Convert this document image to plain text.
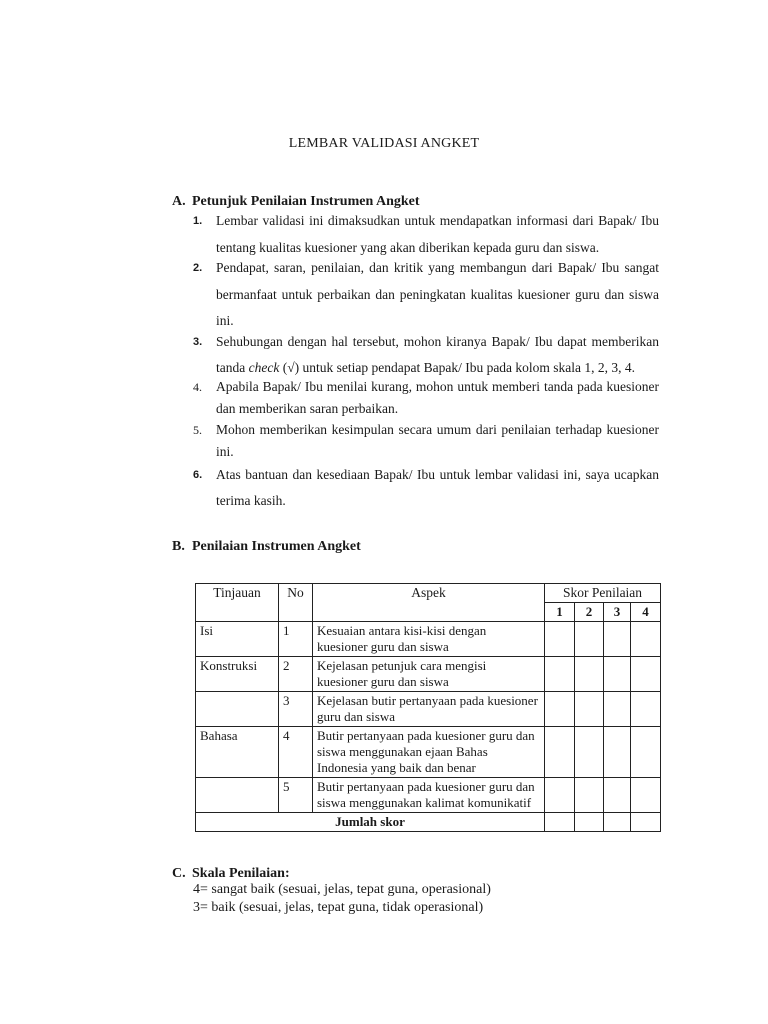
LEMBAR VALIDASI ANGKET
A. Petunjuk Penilaian Instrumen Angket
1. Lembar validasi ini dimaksudkan untuk mendapatkan informasi dari Bapak/ Ibu tentang kualitas kuesioner yang akan diberikan kepada guru dan siswa.
2. Pendapat, saran, penilaian, dan kritik yang membangun dari Bapak/ Ibu sangat bermanfaat untuk perbaikan dan peningkatan kualitas kuesioner guru dan siswa ini.
3. Sehubungan dengan hal tersebut, mohon kiranya Bapak/ Ibu dapat memberikan tanda check (√) untuk setiap pendapat Bapak/ Ibu pada kolom skala 1, 2, 3, 4.
4. Apabila Bapak/ Ibu menilai kurang, mohon untuk memberi tanda pada kuesioner dan memberikan saran perbaikan.
5. Mohon memberikan kesimpulan secara umum dari penilaian terhadap kuesioner ini.
6. Atas bantuan dan kesediaan Bapak/ Ibu untuk lembar validasi ini, saya ucapkan terima kasih.
B. Penilaian Instrumen Angket
Tinjauan	No	Aspek	Skor Penilaian			
			1	2	3	4
Isi	1	Kesuaian antara kisi-kisi dengan kuesioner guru dan siswa				
Konstruksi	2	Kejelasan petunjuk cara mengisi kuesioner guru dan siswa				
	3	Kejelasan butir pertanyaan pada kuesioner guru dan siswa				
Bahasa	4	Butir pertanyaan pada kuesioner guru dan siswa menggunakan ejaan Bahas Indonesia yang baik dan benar				
	5	Butir pertanyaan pada kuesioner guru dan siswa menggunakan kalimat komunikatif				
Jumlah skor						
C. Skala Penilaian:
4= sangat baik (sesuai, jelas, tepat guna, operasional)
3= baik (sesuai, jelas, tepat guna, tidak operasional)
